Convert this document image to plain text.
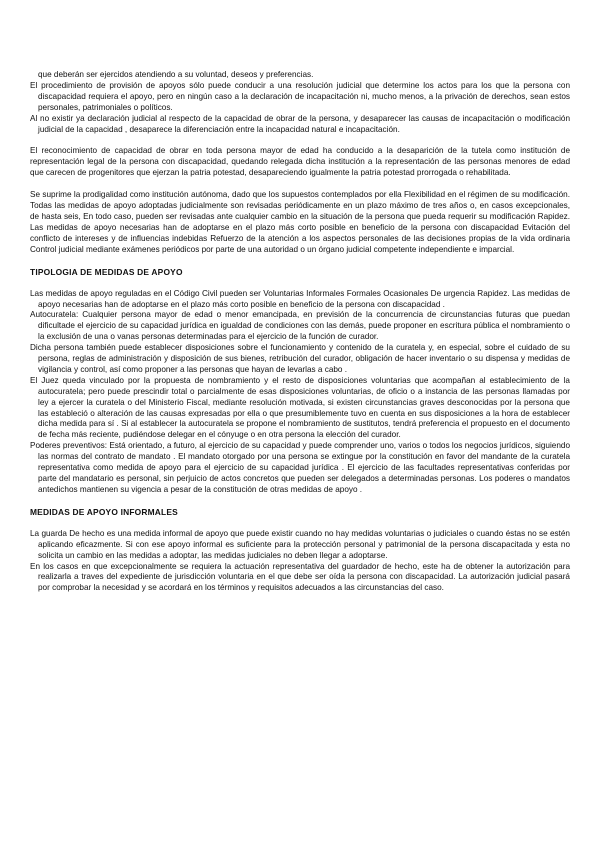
que deberán ser ejercidos atendiendo a su voluntad, deseos y preferencias.

El procedimiento de provisión de apoyos sólo puede conducir a una resolución judicial que determine los actos para los que la persona con discapacidad requiera el apoyo, pero en ningún caso a la declaración de incapacitación ni, mucho menos, a la privación de derechos, sean estos personales, patrimoniales o políticos.

Al no existir ya declaración judicial al respecto de la capacidad de obrar de la persona, y desaparecer las causas de incapacitación o modificación judicial de la capacidad , desaparece la diferenciación entre la incapacidad natural e incapacitación.

El reconocimiento de capacidad de obrar en toda persona mayor de edad ha conducido a la desaparición de la tutela como institución de representación legal de la persona con discapacidad, quedando relegada dicha institución a la representación de las personas menores de edad que carecen de progenitores que ejerzan la patria potestad, desapareciendo igualmente la patria potestad prorrogada o rehabilitada.

Se suprime la prodigalidad como institución autónoma, dado que los supuestos contemplados por ella Flexibilidad en el régimen de su modificación. Todas las medidas de apoyo adoptadas judicialmente son revisadas periódicamente en un plazo máximo de tres años o, en casos excepcionales, de hasta seis, En todo caso, pueden ser revisadas ante cualquier cambio en la situación de la persona que pueda requerir su modificación Rapidez. Las medidas de apoyo necesarias han de adoptarse en el plazo más corto posible en beneficio de la persona con discapacidad Evitación del conflicto de intereses y de influencias indebidas Refuerzo de la atención a los aspectos personales de las decisiones propias de la vida ordinaria Control judicial mediante exámenes periódicos por parte de una autoridad o un órgano judicial competente independiente e imparcial.

TIPOLOGIA DE MEDIDAS DE APOYO

Las medidas de apoyo reguladas en el Código Civil pueden ser Voluntarias Informales Formales Ocasionales De urgencia Rapidez. Las medidas de apoyo necesarias han de adoptarse en el plazo más corto posible en beneficio de la persona con discapacidad .

Autocuratela: Cualquier persona mayor de edad o menor emancipada, en previsión de la concurrencia de circunstancias futuras que puedan dificultade el ejercicio de su capacidad jurídica en igualdad de condiciones con las demás, puede proponer en escritura pública el nombramiento o la exclusión de una o vanas personas determinadas para el ejercicio de la función de curador.

Dicha persona también puede establecer disposiciones sobre el funcionamiento y contenido de la curatela y, en especial, sobre el cuidado de su persona, reglas de administración y disposición de sus bienes, retribución del curador, obligación de hacer inventario o su dispensa y medidas de vigilancia y control, así como proponer a las personas que hayan de levarlas a cabo .

El Juez queda vinculado por la propuesta de nombramiento y el resto de disposiciones voluntarias que acompañan al establecimiento de la autocuratela; pero puede prescindir total o parcialmente de esas disposiciones voluntarias, de oficio o a instancia de las personas llamadas por ley a ejercer la curatela o del Ministerio Fiscal, mediante resolución motivada, si existen circunstancias graves desconocidas por la persona que las estableció o alteración de las causas expresadas por ella o que presumiblemente tuvo en cuenta en sus disposiciones a la hora de establecer dicha medida para sí . Si al establecer la autocuratela se propone el nombramiento de sustitutos, tendrá preferencia el propuesto en el documento de fecha más reciente, pudiéndose delegar en el cónyuge o en otra persona la elección del curador.

Poderes preventivos: Está orientado, a futuro, al ejercicio de su capacidad y puede comprender uno, varios o todos los negocios jurídicos, siguiendo las normas del contrato de mandato . El mandato otorgado por una persona se extingue por la constitución en favor del mandante de la curatela representativa como medida de apoyo para el ejercicio de su capacidad jurídica . El ejercicio de las facultades representativas conferidas por parte del mandatario es personal, sin perjuicio de actos concretos que pueden ser delegados a determinadas personas. Los poderes o mandatos antedichos mantienen su vigencia a pesar de la constitución de otras medidas de apoyo .

MEDIDAS DE APOYO INFORMALES

La guarda De hecho es una medida informal de apoyo que puede existir cuando no hay medidas voluntarias o judiciales o cuando éstas no se estén aplicando eficazmente. Si con ese apoyo informal es suficiente para la protección personal y patrimonial de la persona discapacitada y esta no solicita un cambio en las medidas a adoptar, las medidas judiciales no deben llegar a adoptarse.

En los casos en que excepcionalmente se requiera la actuación representativa del guardador de hecho, este ha de obtener la autorización para realizarla a traves del expediente de jurisdicción voluntaria en el que debe ser oída la persona con discapacidad. La autorización judicial pasará por comprobar la necesidad y se acordará en los términos y requisitos adecuados a las circunstancias del caso.
